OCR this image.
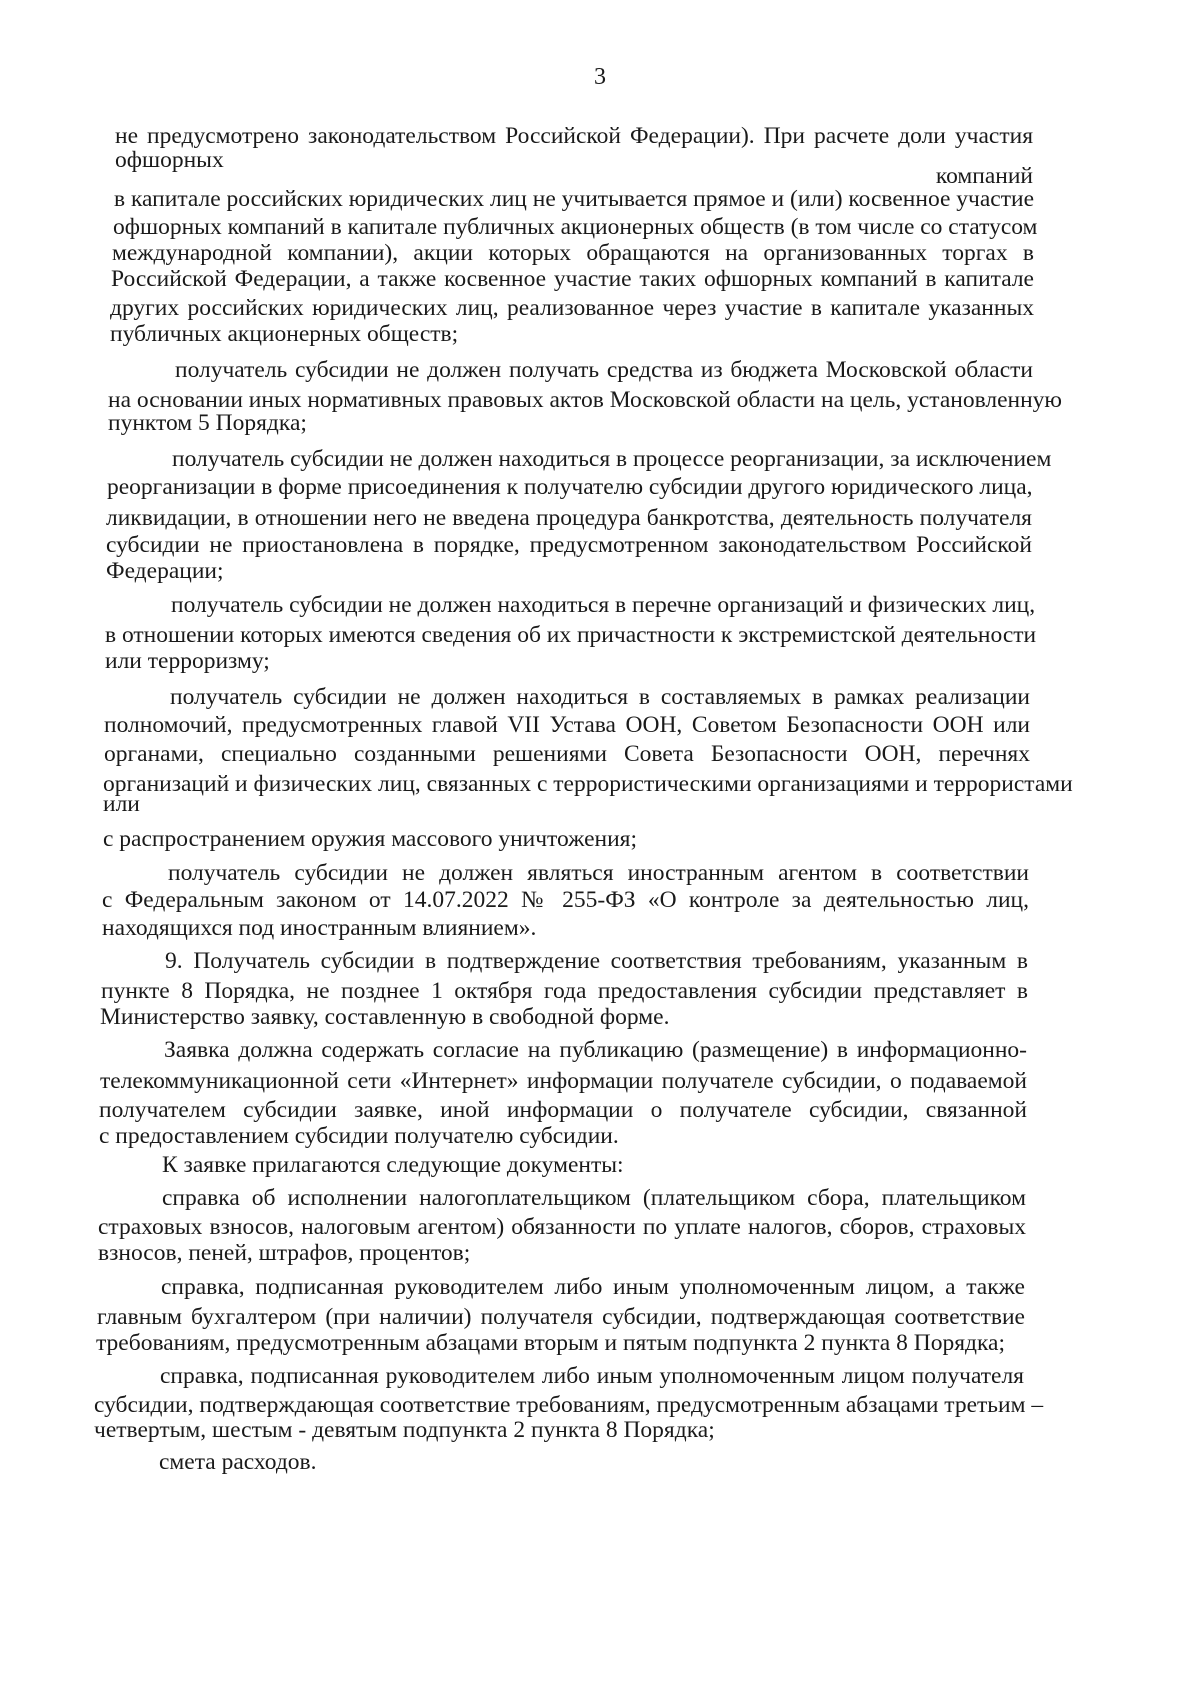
3
не предусмотрено законодательством Российской Федерации). При расчете доли участия
офшорных
компаний
в капитале российских юридических лиц не учитывается прямое и (или) косвенное участие
офшорных компаний в капитале публичных акционерных обществ (в том числе со статусом
международной компании), акции которых обращаются на организованных торгах в
Российской Федерации, а также косвенное участие таких офшорных компаний в капитале
других российских юридических лиц, реализованное через участие в капитале указанных
публичных акционерных обществ;
получатель субсидии не должен получать средства из бюджета Московской области
на основании иных нормативных правовых актов Московской области на цель, установленную
пунктом 5 Порядка;
получатель субсидии не должен находиться в процессе реорганизации, за исключением
реорганизации в форме присоединения к получателю субсидии другого юридического лица,
ликвидации, в отношении него не введена процедура банкротства, деятельность получателя
субсидии не приостановлена в порядке, предусмотренном законодательством Российской
Федерации;
получатель субсидии не должен находиться в перечне организаций и физических лиц,
в отношении которых имеются сведения об их причастности к экстремистской деятельности
или терроризму;
получатель субсидии не должен находиться в составляемых в рамках реализации
полномочий, предусмотренных главой VII Устава ООН, Советом Безопасности ООН или
органами, специально созданными решениями Совета Безопасности ООН, перечнях
организаций и физических лиц, связанных с террористическими организациями и террористами
или
с распространением оружия массового уничтожения;
получатель субсидии не должен являться иностранным агентом в соответствии
с Федеральным законом от 14.07.2022 № 255-ФЗ «О контроле за деятельностью лиц,
находящихся под иностранным влиянием».
9. Получатель субсидии в подтверждение соответствия требованиям, указанным в
пункте 8 Порядка, не позднее 1 октября года предоставления субсидии представляет в
Министерство заявку, составленную в свободной форме.
Заявка должна содержать согласие на публикацию (размещение) в информационно-
телекоммуникационной сети «Интернет» информации получателе субсидии, о подаваемой
получателем субсидии заявке, иной информации о получателе субсидии, связанной
с предоставлением субсидии получателю субсидии.
К заявке прилагаются следующие документы:
справка об исполнении налогоплательщиком (плательщиком сбора, плательщиком
страховых взносов, налоговым агентом) обязанности по уплате налогов, сборов, страховых
взносов, пеней, штрафов, процентов;
справка, подписанная руководителем либо иным уполномоченным лицом, а также
главным бухгалтером (при наличии) получателя субсидии, подтверждающая соответствие
требованиям, предусмотренным абзацами вторым и пятым подпункта 2 пункта 8 Порядка;
справка, подписанная руководителем либо иным уполномоченным лицом получателя
субсидии, подтверждающая соответствие требованиям, предусмотренным абзацами третьим –
четвертым, шестым - девятым подпункта 2 пункта 8 Порядка;
смета расходов.
